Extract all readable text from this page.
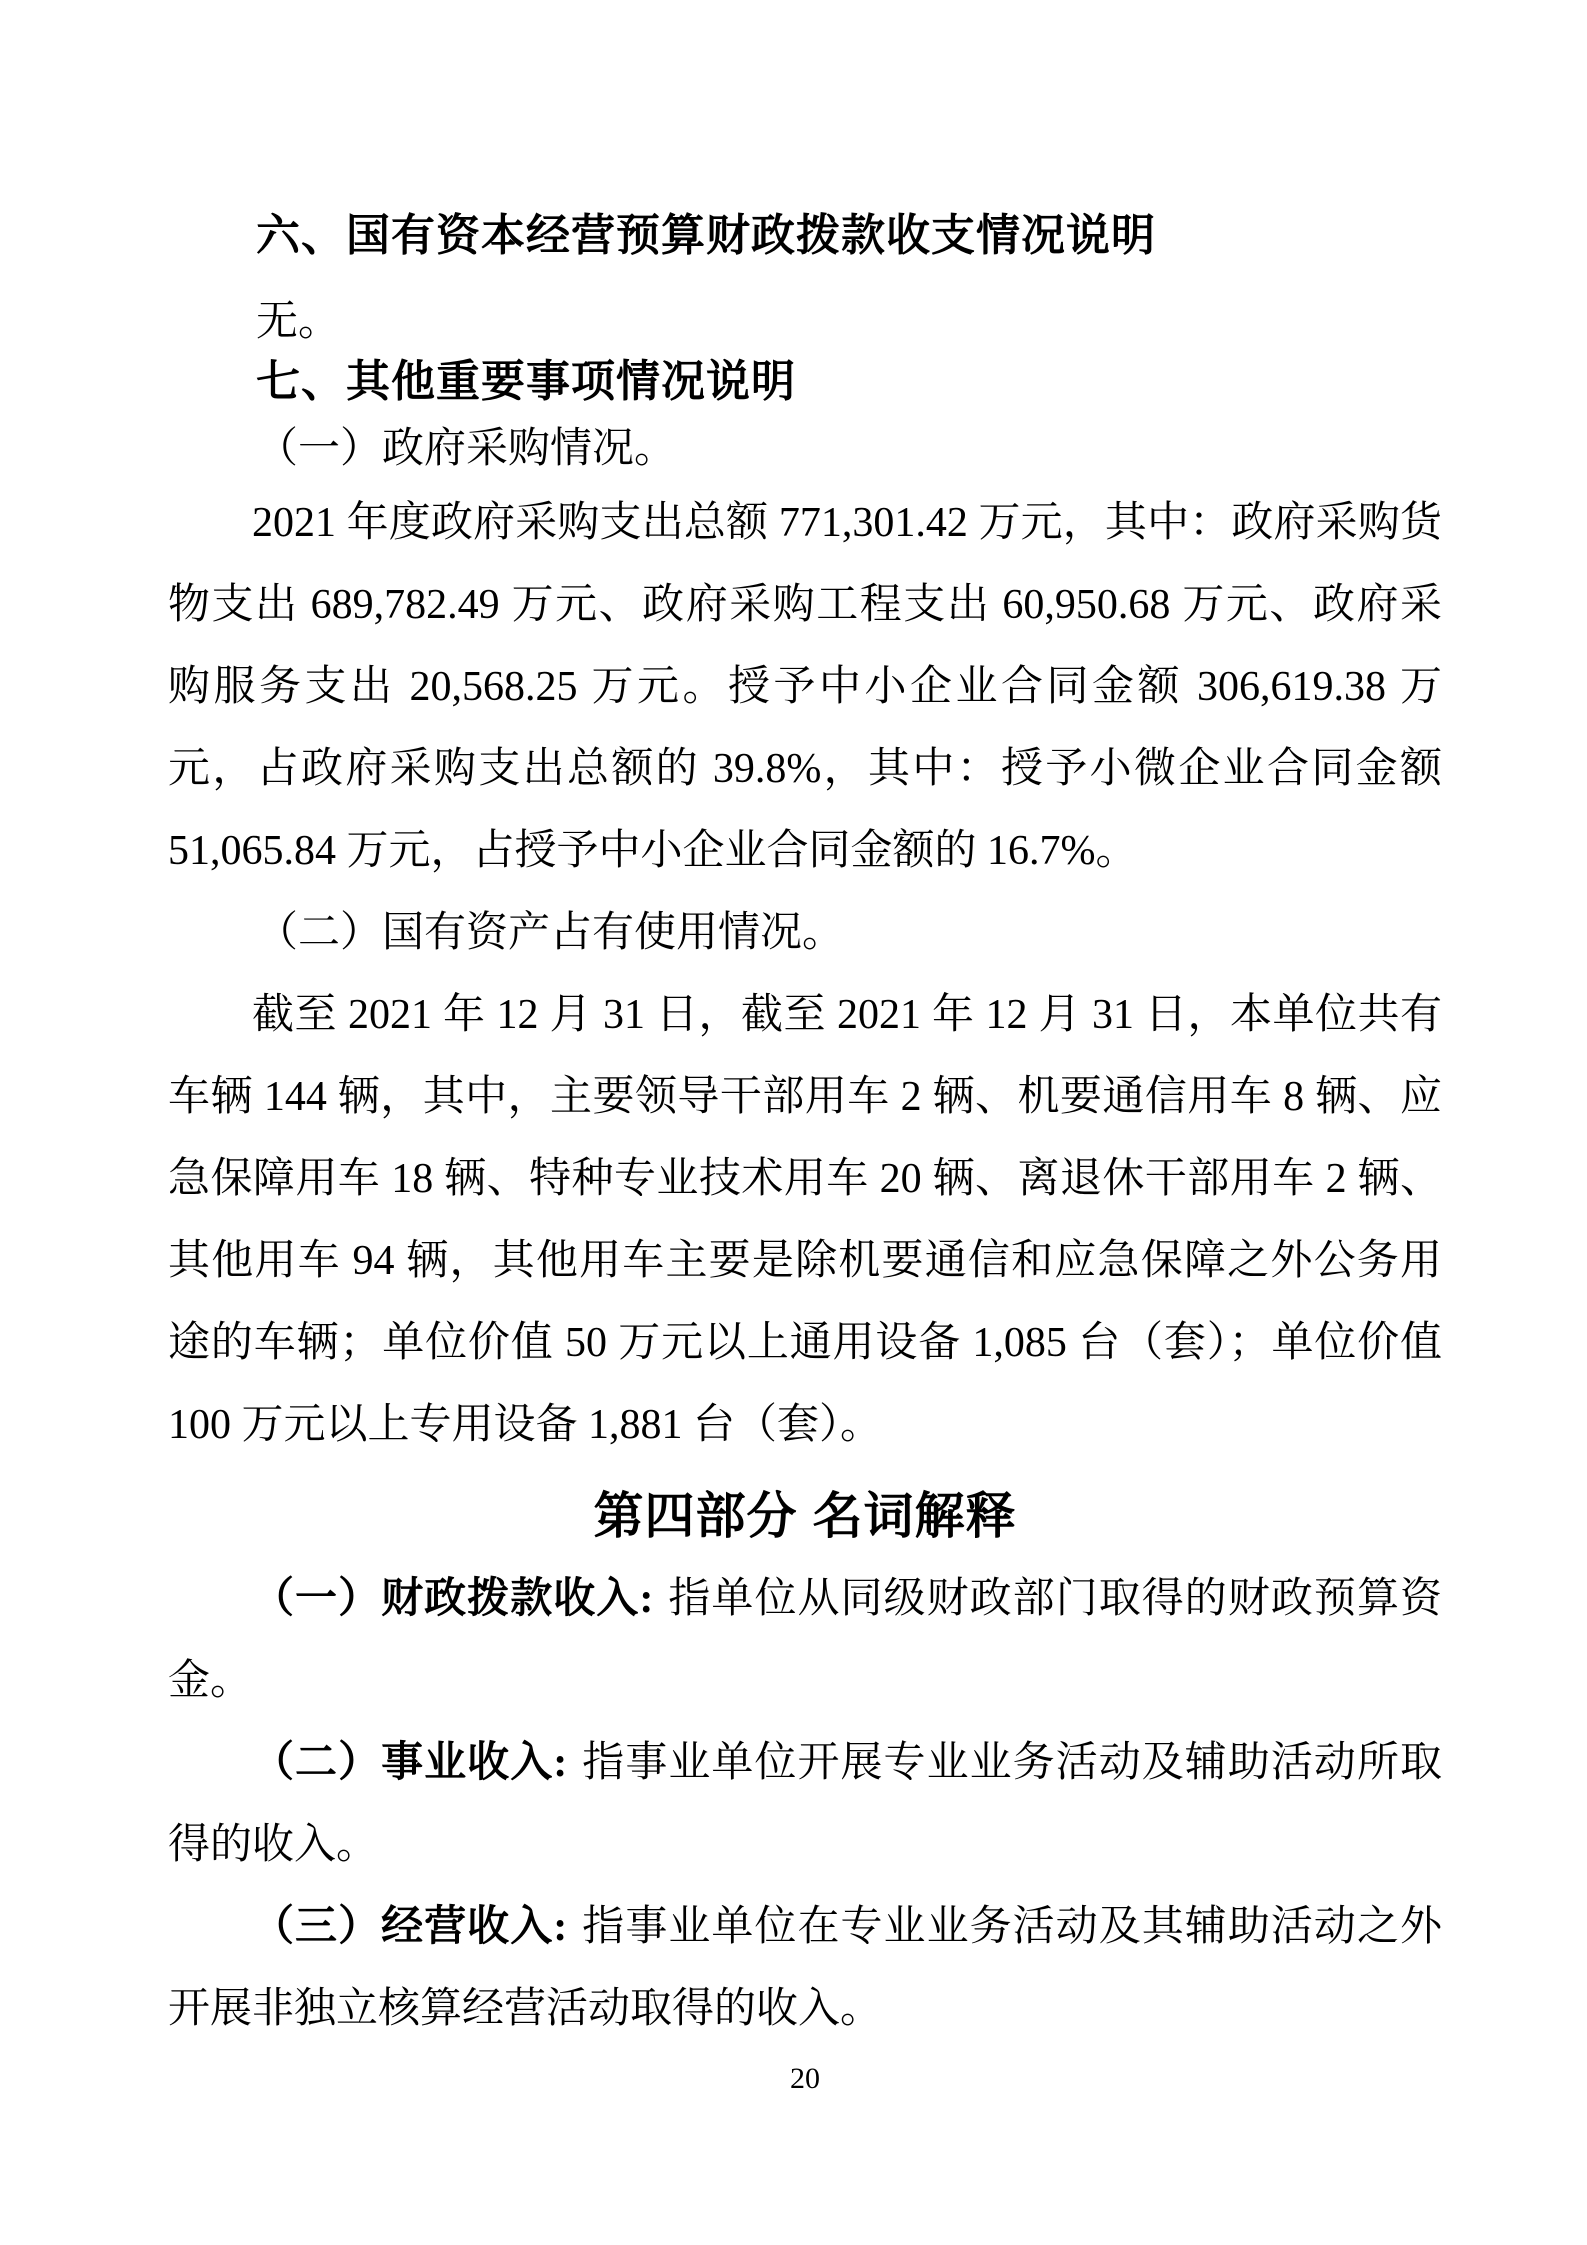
六、国有资本经营预算财政拨款收支情况说明

无。

七、其他重要事项情况说明

（一）政府采购情况。

2021 年度政府采购支出总额 771,301.42 万元，其中：政府采购货物支出 689,782.49 万元、政府采购工程支出 60,950.68 万元、政府采购服务支出 20,568.25 万元。授予中小企业合同金额 306,619.38 万元，占政府采购支出总额的 39.8%，其中：授予小微企业合同金额 51,065.84 万元，占授予中小企业合同金额的 16.7%。

（二）国有资产占有使用情况。

截至 2021 年 12 月 31 日，截至 2021 年 12 月 31 日，本单位共有车辆 144 辆，其中，主要领导干部用车 2 辆、机要通信用车 8 辆、应急保障用车 18 辆、特种专业技术用车 20 辆、离退休干部用车 2 辆、其他用车 94 辆，其他用车主要是除机要通信和应急保障之外公务用途的车辆；单位价值 50 万元以上通用设备 1,085 台（套）；单位价值 100 万元以上专用设备 1,881 台（套）。

第四部分 名词解释

（一）财政拨款收入: 指单位从同级财政部门取得的财政预算资金。

（二）事业收入: 指事业单位开展专业业务活动及辅助活动所取得的收入。

（三）经营收入: 指事业单位在专业业务活动及其辅助活动之外开展非独立核算经营活动取得的收入。

20
